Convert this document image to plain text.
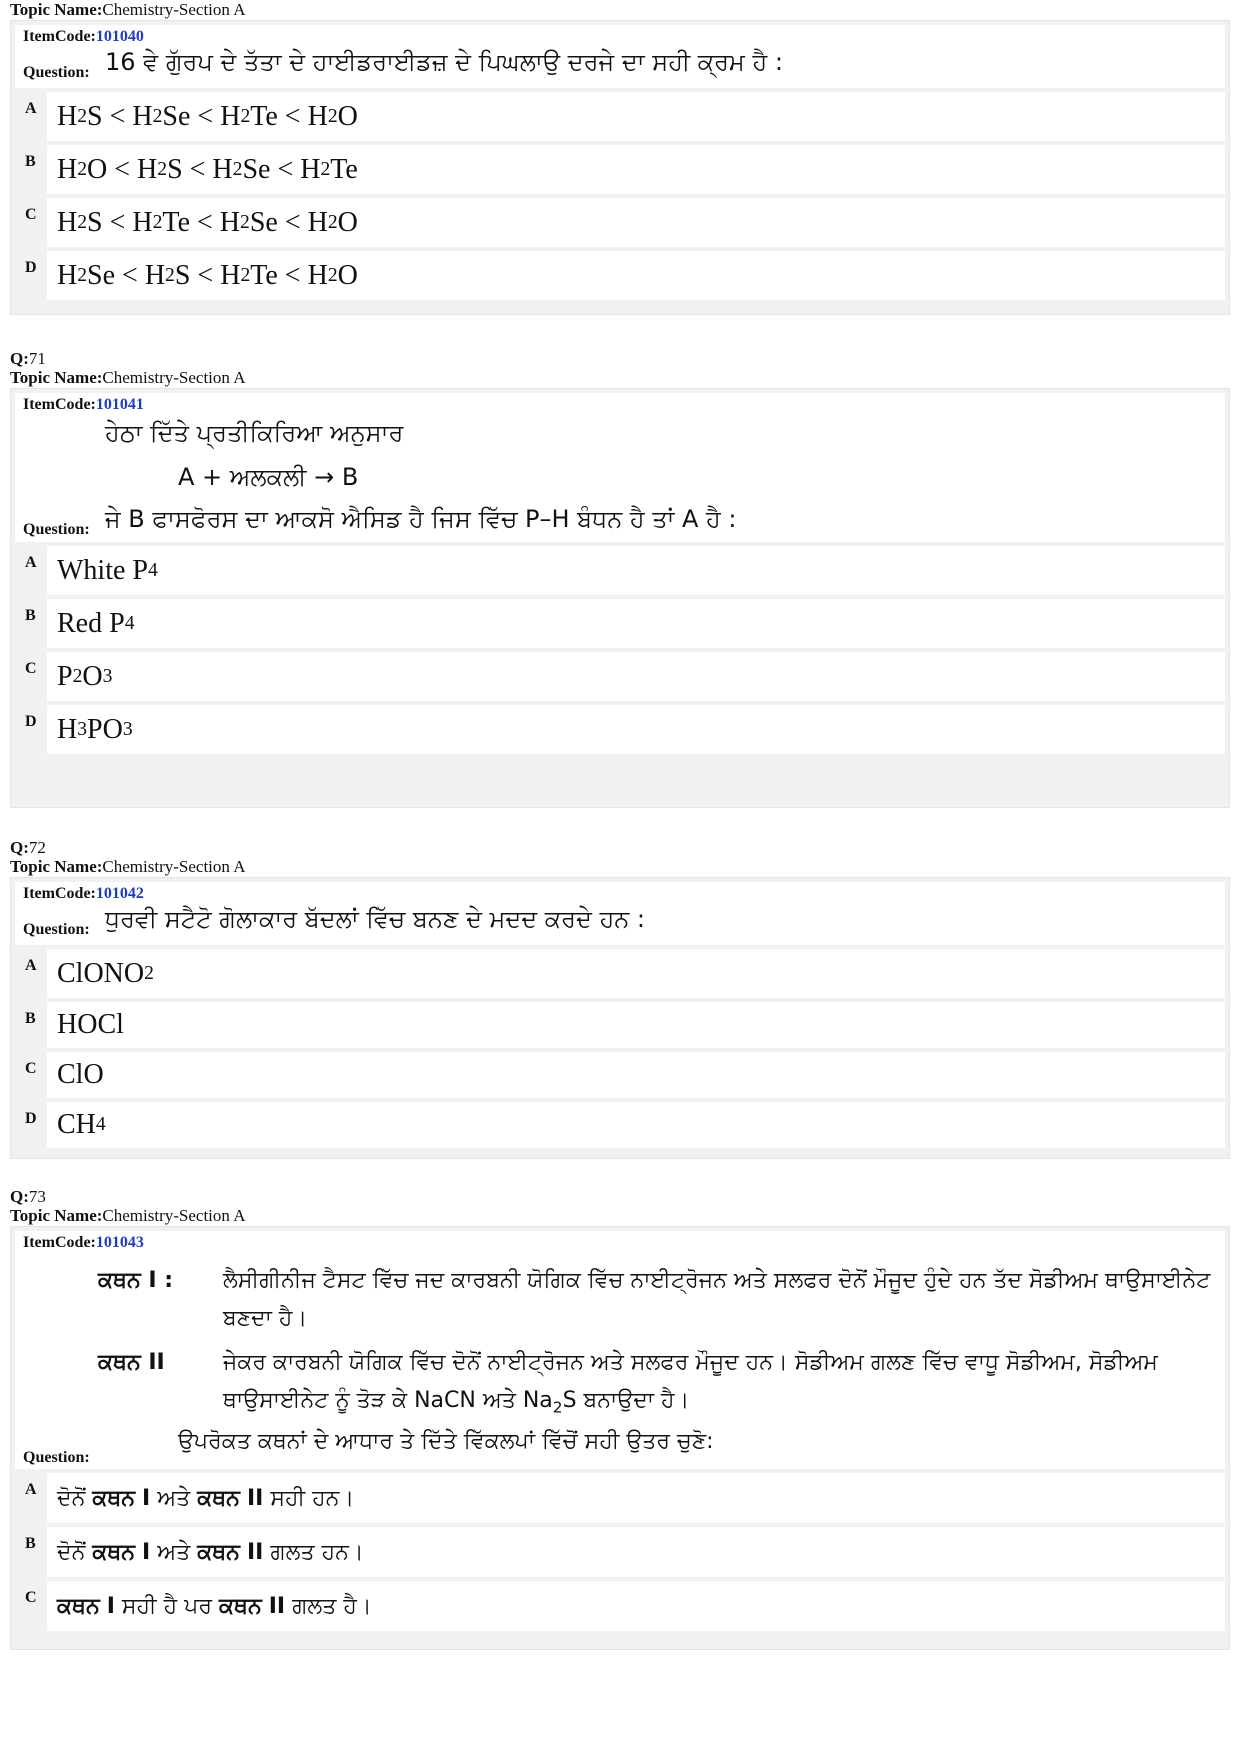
Topic Name:Chemistry-Section A
ItemCode:101040
Question: 16 ਵੇ ਗੁੱਰਪ ਦੇ ਤੱਤਾ ਦੇ ਹਾਈਡਰਾਈਡਜ਼ ਦੇ ਪਿਘਲਾਉ ਦਰਜੇ ਦਾ ਸਹੀ ਕ੍ਰਮ ਹੈ :
A H 2 S < H 2 Se < H 2 Te < H 2 O
B H 2 O < H 2 S < H 2 Se < H 2 Te
C H 2 S < H 2 Te < H 2 Se < H 2 O
D H 2 Se < H 2 S < H 2 Te < H 2 O
Q:71
Topic Name:Chemistry-Section A
ItemCode:101041
ਹੇਠਾ ਦਿੱਤੇ ਪ੍ਰਤੀਕਿਰਿਆ ਅਨੁਸਾਰ
A + ਅਲਕਲੀ → B
Question: ਜੇ B ਫਾਸਫੋਰਸ ਦਾ ਆਕਸੋ ਐਸਿਡ ਹੈ ਜਿਸ ਵਿੱਚ P–H ਬੰਧਨ ਹੈ ਤਾਂ A ਹੈ :
A White P 4
B Red P 4
C P 2 O 3
D H 3 PO 3
Q:72
Topic Name:Chemistry-Section A
ItemCode:101042
Question: ਧੁਰਵੀ ਸਟੈਟੋ ਗੋਲਾਕਾਰ ਬੱਦਲਾਂ ਵਿੱਚ ਬਨਣ ਦੇ ਮਦਦ ਕਰਦੇ ਹਨ :
A ClONO 2
B HOCl
C ClO
D CH 4
Q:73
Topic Name:Chemistry-Section A
ItemCode:101043
ਕਥਨ I :	ਲੈਸੀਗੀਨੀਜ ਟੈਸਟ ਵਿੱਚ ਜਦ ਕਾਰਬਨੀ ਯੋਗਿਕ ਵਿੱਚ ਨਾਈਟ੍ਰੋਜਨ ਅਤੇ ਸਲਫਰ ਦੋਨੋਂ ਮੌਜੂਦ ਹੁੰਦੇ ਹਨ ਤੱਦ ਸੋਡੀਅਮ ਥਾਉਸਾਈਨੇਟ ਬਣਦਾ ਹੈ।
ਕਥਨ II	ਜੇਕਰ ਕਾਰਬਨੀ ਯੋਗਿਕ ਵਿੱਚ ਦੋਨੋਂ ਨਾਈਟ੍ਰੋਜਨ ਅਤੇ ਸਲਫਰ ਮੌਜੂਦ ਹਨ। ਸੋਡੀਅਮ ਗਲਣ ਵਿੱਚ ਵਾਧੂ ਸੋਡੀਅਮ, ਸੋਡੀਅਮ ਥਾਉਸਾਈਨੇਟ ਨੂੰ ਤੋੜ ਕੇ NaCN ਅਤੇ $Na_2S$ ਬਨਾਉਦਾ ਹੈ।
Question:
ਉਪਰੋਕਤ ਕਥਨਾਂ ਦੇ ਆਧਾਰ ਤੇ ਦਿੱਤੇ ਵਿੱਕਲਪਾਂ ਵਿੱਚੋਂ ਸਹੀ ਉਤਰ ਚੁਣੋ:
A ਦੋਨੋਂ
ਕਥਨ
I
ਅਤੇ
ਕਥਨ
II
ਸਹੀ ਹਨ।
B ਦੋਨੋਂ
ਕਥਨ
I
ਅਤੇ
ਕਥਨ
II
ਗਲਤ ਹਨ।
C ਕਥਨ
I
ਸਹੀ ਹੈ ਪਰ
ਕਥਨ
II
ਗਲਤ ਹੈ।
